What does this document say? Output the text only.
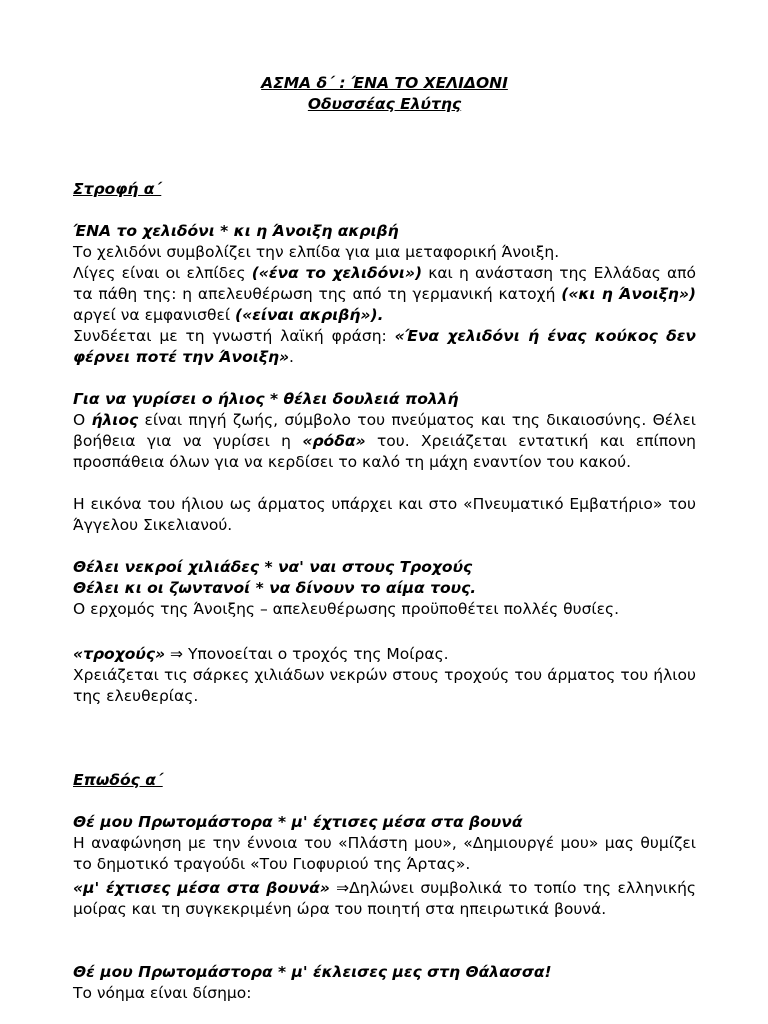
ΑΣΜΑ δ΄ : ΈΝΑ ΤΟ ΧΕΛΙΔΟΝΙ
Οδυσσέας Ελύτης
Στροφή α΄
ΈΝΑ το χελιδόνι * κι η Άνοιξη ακριβή
Το χελιδόνι συμβολίζει την ελπίδα για μια μεταφορική Άνοιξη.
Λίγες είναι οι ελπίδες («ένα το χελιδόνι») και η ανάσταση της Ελλάδας από τα πάθη της: η απελευθέρωση της από τη γερμανική κατοχή («κι η Άνοιξη») αργεί να εμφανισθεί («είναι ακριβή»).
Συνδέεται με τη γνωστή λαϊκή φράση: «Ένα χελιδόνι ή ένας κούκος δεν φέρνει ποτέ την Άνοιξη».
Για να γυρίσει ο ήλιος * θέλει δουλειά πολλή
Ο ήλιος είναι πηγή ζωής, σύμβολο του πνεύματος και της δικαιοσύνης. Θέλει βοήθεια για να γυρίσει η «ρόδα» του. Χρειάζεται εντατική και επίπονη προσπάθεια όλων για να κερδίσει το καλό τη μάχη εναντίον του κακού.
Η εικόνα του ήλιου ως άρματος υπάρχει και στο «Πνευματικό Εμβατήριο» του Άγγελου Σικελιανού.
Θέλει νεκροί χιλιάδες * να' ναι στους Τροχούς
Θέλει κι οι ζωντανοί * να δίνουν το αίμα τους.
Ο ερχομός της Άνοιξης – απελευθέρωσης προϋποθέτει πολλές θυσίες.
«τροχούς» ⇒ Υπονοείται ο τροχός της Μοίρας.
Χρειάζεται τις σάρκες χιλιάδων νεκρών στους τροχούς του άρματος του ήλιου της ελευθερίας.
Επωδός α΄
Θέ μου Πρωτομάστορα * μ' έχτισες μέσα στα βουνά
Η αναφώνηση με την έννοια του «Πλάστη μου», «Δημιουργέ μου» μας θυμίζει το δημοτικό τραγούδι «Του Γιοφυριού της Άρτας».
«μ' έχτισες μέσα στα βουνά» ⇒Δηλώνει συμβολικά το τοπίο της ελληνικής μοίρας και τη συγκεκριμένη ώρα του ποιητή στα ηπειρωτικά βουνά.
Θέ μου Πρωτομάστορα * μ' έκλεισες μες στη Θάλασσα!
Το νόημα είναι δίσημο:
